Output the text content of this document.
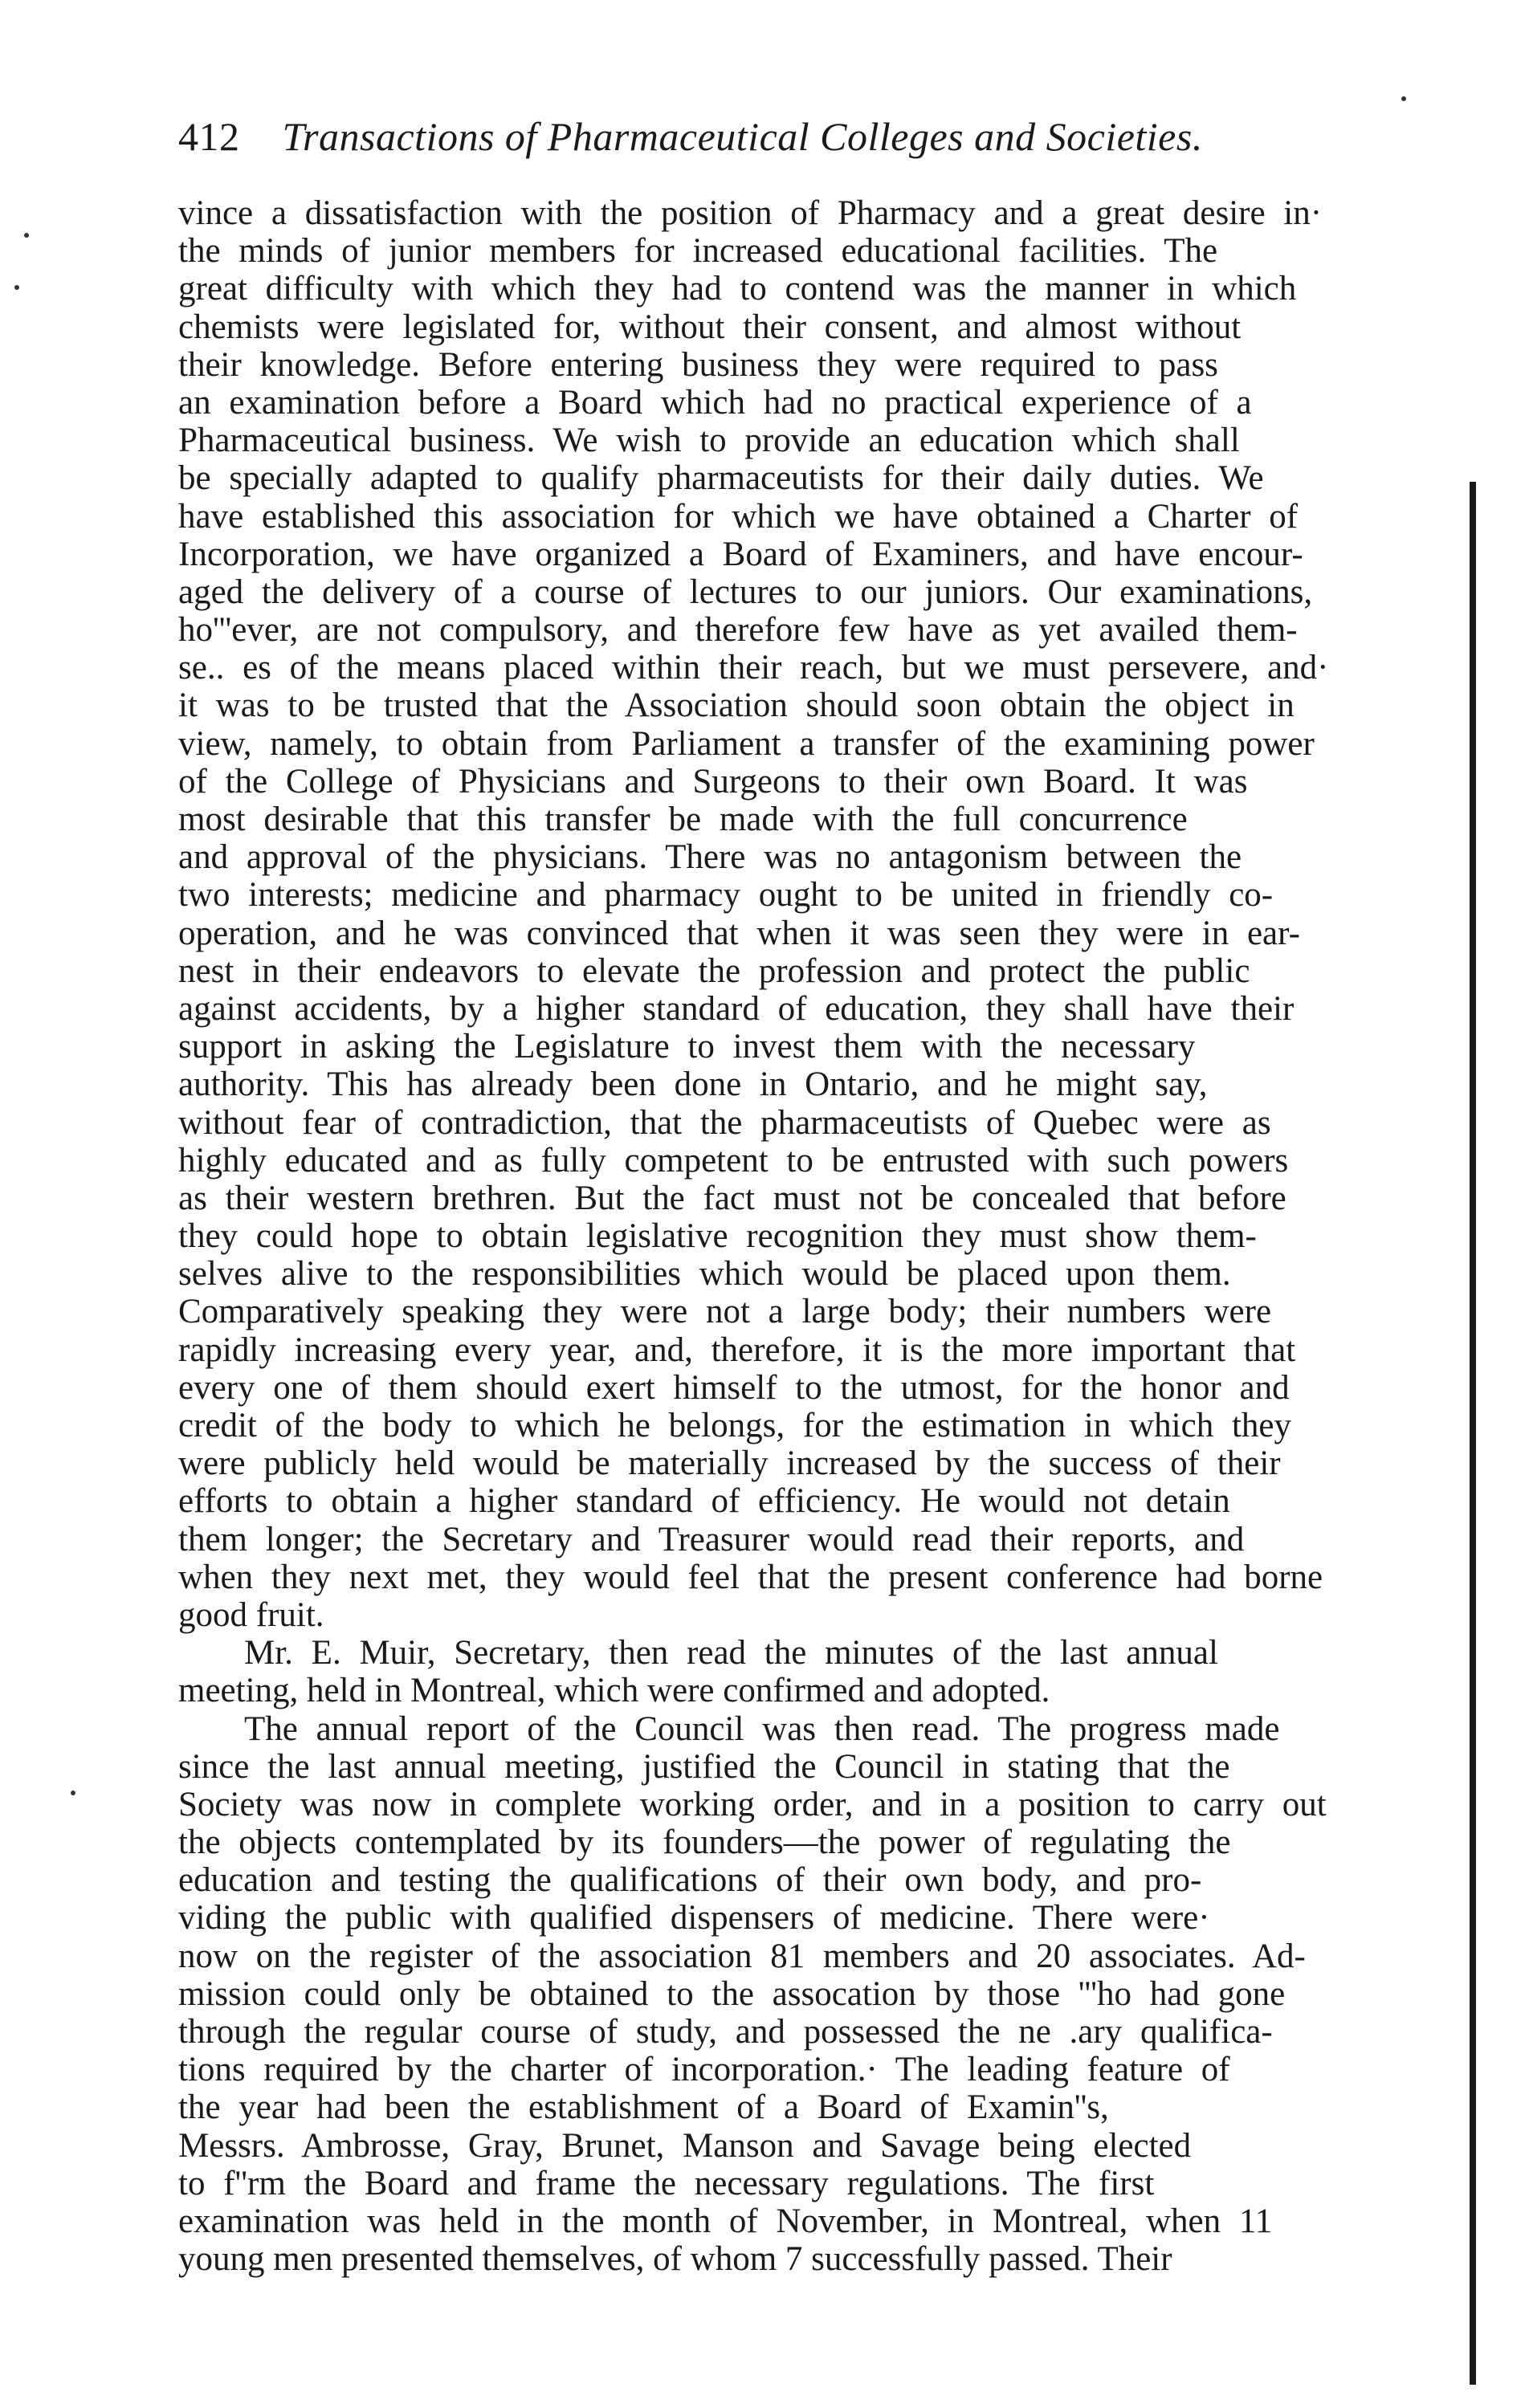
412 Transactions of Pharmaceutical Colleges and Societies.
vince a dissatisfaction with the position of Pharmacy and a great desire in·
the minds of junior members for increased educational facilities. The
great difficulty with which they had to contend was the manner in which
chemists were legislated for, without their consent, and almost without
their knowledge. Before entering business they were required to pass
an examination before a Board which had no practical experience of a
Pharmaceutical business. We wish to provide an education which shall
be specially adapted to qualify pharmaceutists for their daily duties. We
have established this association for which we have obtained a Charter of
Incorporation, we have organized a Board of Examiners, and have encour-
aged the delivery of a course of lectures to our juniors. Our examinations,
ho'''ever, are not compulsory, and therefore few have as yet availed them-
se.. es of the means placed within their reach, but we must persevere, and·
it was to be trusted that the Association should soon obtain the object in
view, namely, to obtain from Parliament a transfer of the examining power
of the College of Physicians and Surgeons to their own Board. It was
most desirable that this transfer be made with the full concurrence
and approval of the physicians. There was no antagonism between the
two interests; medicine and pharmacy ought to be united in friendly co-
operation, and he was convinced that when it was seen they were in ear-
nest in their endeavors to elevate the profession and protect the public
against accidents, by a higher standard of education, they shall have their
support in asking the Legislature to invest them with the necessary
authority. This has already been done in Ontario, and he might say,
without fear of contradiction, that the pharmaceutists of Quebec were as
highly educated and as fully competent to be entrusted with such powers
as their western brethren. But the fact must not be concealed that before
they could hope to obtain legislative recognition they must show them-
selves alive to the responsibilities which would be placed upon them.
Comparatively speaking they were not a large body; their numbers were
rapidly increasing every year, and, therefore, it is the more important that
every one of them should exert himself to the utmost, for the honor and
credit of the body to which he belongs, for the estimation in which they
were publicly held would be materially increased by the success of their
efforts to obtain a higher standard of efficiency. He would not detain
them longer; the Secretary and Treasurer would read their reports, and
when they next met, they would feel that the present conference had borne
good fruit.
Mr. E. Muir, Secretary, then read the minutes of the last annual
meeting, held in Montreal, which were confirmed and adopted.
The annual report of the Council was then read. The progress made
since the last annual meeting, justified the Council in stating that the
Society was now in complete working order, and in a position to carry out
the objects contemplated by its founders—the power of regulating the
education and testing the qualifications of their own body, and pro-
viding the public with qualified dispensers of medicine. There were·
now on the register of the association 81 members and 20 associates. Ad-
mission could only be obtained to the assocation by those '''ho had gone
through the regular course of study, and possessed the ne .ary qualifica-
tions required by the charter of incorporation.· The leading feature of
the year had been the establishment of a Board of Examin''s,
Messrs. Ambrosse, Gray, Brunet, Manson and Savage being elected
to f''rm the Board and frame the necessary regulations. The first
examination was held in the month of November, in Montreal, when 11
young men presented themselves, of whom 7 successfully passed. Their
